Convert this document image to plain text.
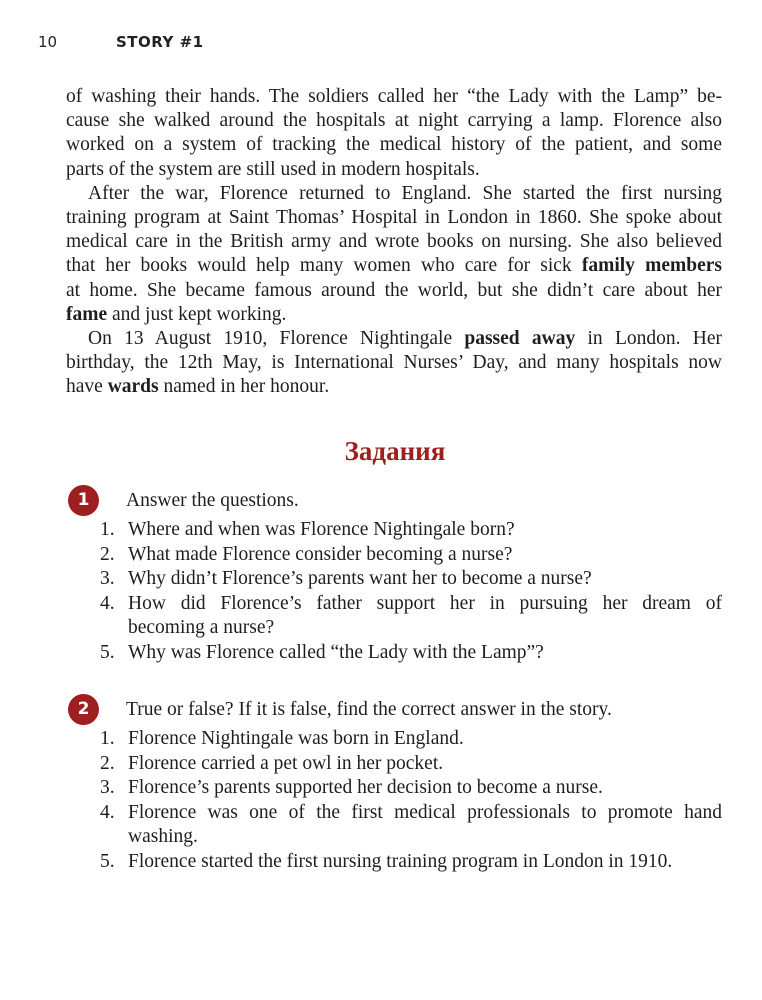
10	STORY #1
of washing their hands. The soldiers called her “the Lady with the Lamp” be-
cause she walked around the hospitals at night carrying a lamp. Florence also
worked on a system of tracking the medical history of the patient, and some
parts of the system are still used in modern hospitals.
After the war, Florence returned to England. She started the first nursing
training program at Saint Thomas’ Hospital in London in 1860. She spoke about
medical care in the British army and wrote books on nursing. She also believed
that her books would help many women who care for sick family members
at home. She became famous around the world, but she didn’t care about her
fame and just kept working.
On 13 August 1910, Florence Nightingale passed away in London. Her
birthday, the 12th May, is International Nurses’ Day, and many hospitals now
have wards named in her honour.
Задания
1	Answer the questions.
1. Where and when was Florence Nightingale born?
2. What made Florence consider becoming a nurse?
3. Why didn’t Florence’s parents want her to become a nurse?
4. How did Florence’s father support her in pursuing her dream of
becoming a nurse?
5. Why was Florence called “the Lady with the Lamp”?
2	True or false? If it is false, find the correct answer in the story.
1. Florence Nightingale was born in England.
2. Florence carried a pet owl in her pocket.
3. Florence’s parents supported her decision to become a nurse.
4. Florence was one of the first medical professionals to promote hand
washing.
5. Florence started the first nursing training program in London in 1910.
